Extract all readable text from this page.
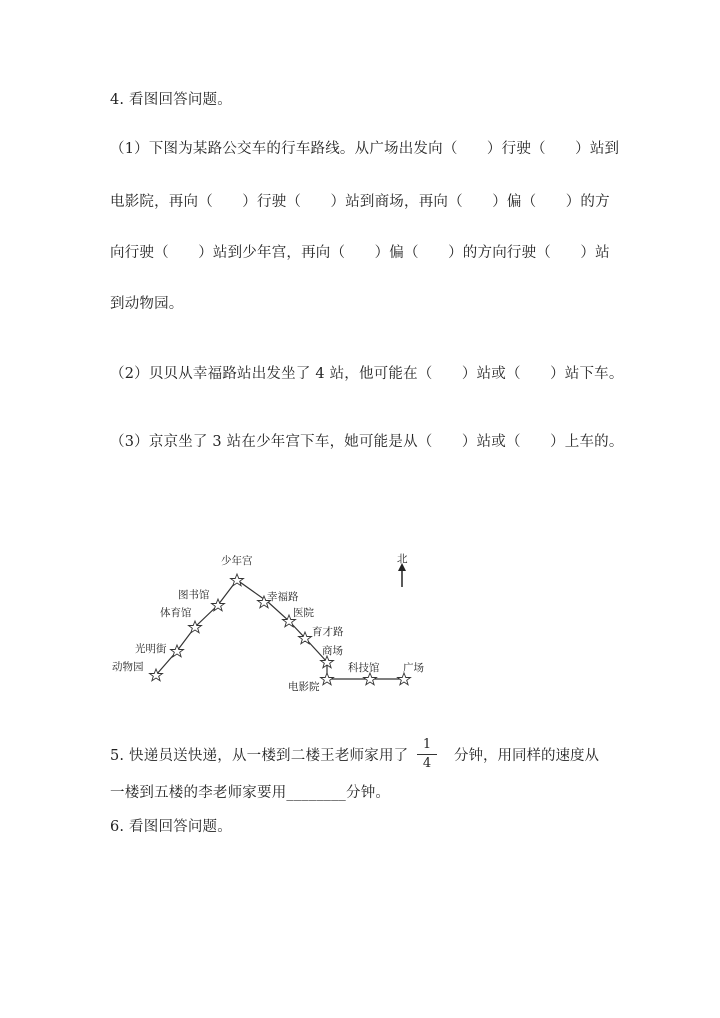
4. 看图回答问题。
（1）下图为某路公交车的行车路线。从广场出发向（　　）行驶（　　）站到
电影院，再向（　　）行驶（　　）站到商场，再向（　　）偏（　　）的方
向行驶（　　）站到少年宫，再向（　　）偏（　　）的方向行驶（　　）站
到动物园。
（2）贝贝从幸福路站出发坐了 4 站，他可能在（　　）站或（　　）站下车。
（3）京京坐了 3 站在少年宫下车，她可能是从（　　）站或（　　）上车的。
北
少年宫
图书馆
体育馆
光明街
动物园
幸福路
医院
育才路
商场
电影院
科技馆 广场
5. 快递员送快递，从一楼到二楼王老师家用了
1
4	分钟，用同样的速度从
一楼到五楼的李老师家要用________分钟。
6. 看图回答问题。
